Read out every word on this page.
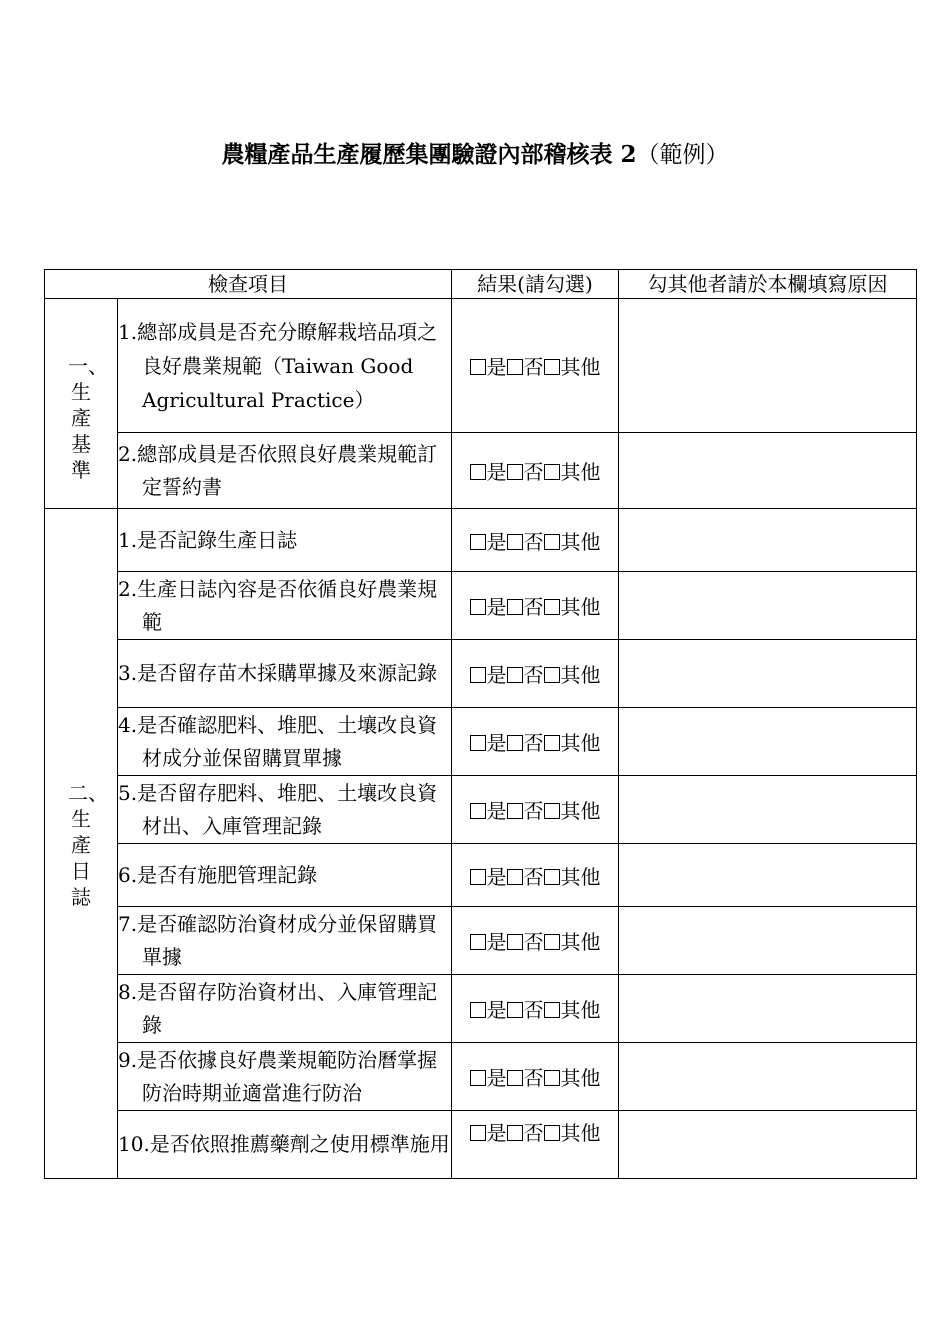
農糧產品生產履歷集團驗證內部稽核表 2（範例）
檢查項目		結果(請勾選)	勾其他者請於本欄填寫原因
一、生產基準	1.總部成員是否充分瞭解栽培品項之良好農業規範（Taiwan Good Agricultural Practice）	是 否 其他	

	2.總部成員是否依照良好農業規範訂定誓約書	是 否 其他	
二、生產日誌	1.是否記錄生產日誌	是 否 其他	

	2.生產日誌內容是否依循良好農業規範	是 否 其他	

	3.是否留存苗木採購單據及來源記錄	是 否 其他	

	4.是否確認肥料、堆肥、土壤改良資材成分並保留購買單據	是 否 其他	

	5.是否留存肥料、堆肥、土壤改良資材出、入庫管理記錄	是 否 其他	

	6.是否有施肥管理記錄	是 否 其他	

	7.是否確認防治資材成分並保留購買單據	是 否 其他	

	8.是否留存防治資材出、入庫管理記錄	是 否 其他	

	9.是否依據良好農業規範防治曆掌握防治時期並適當進行防治	是 否 其他	

	10.是否依照推薦藥劑之使用標準施用	是 否 其他	
